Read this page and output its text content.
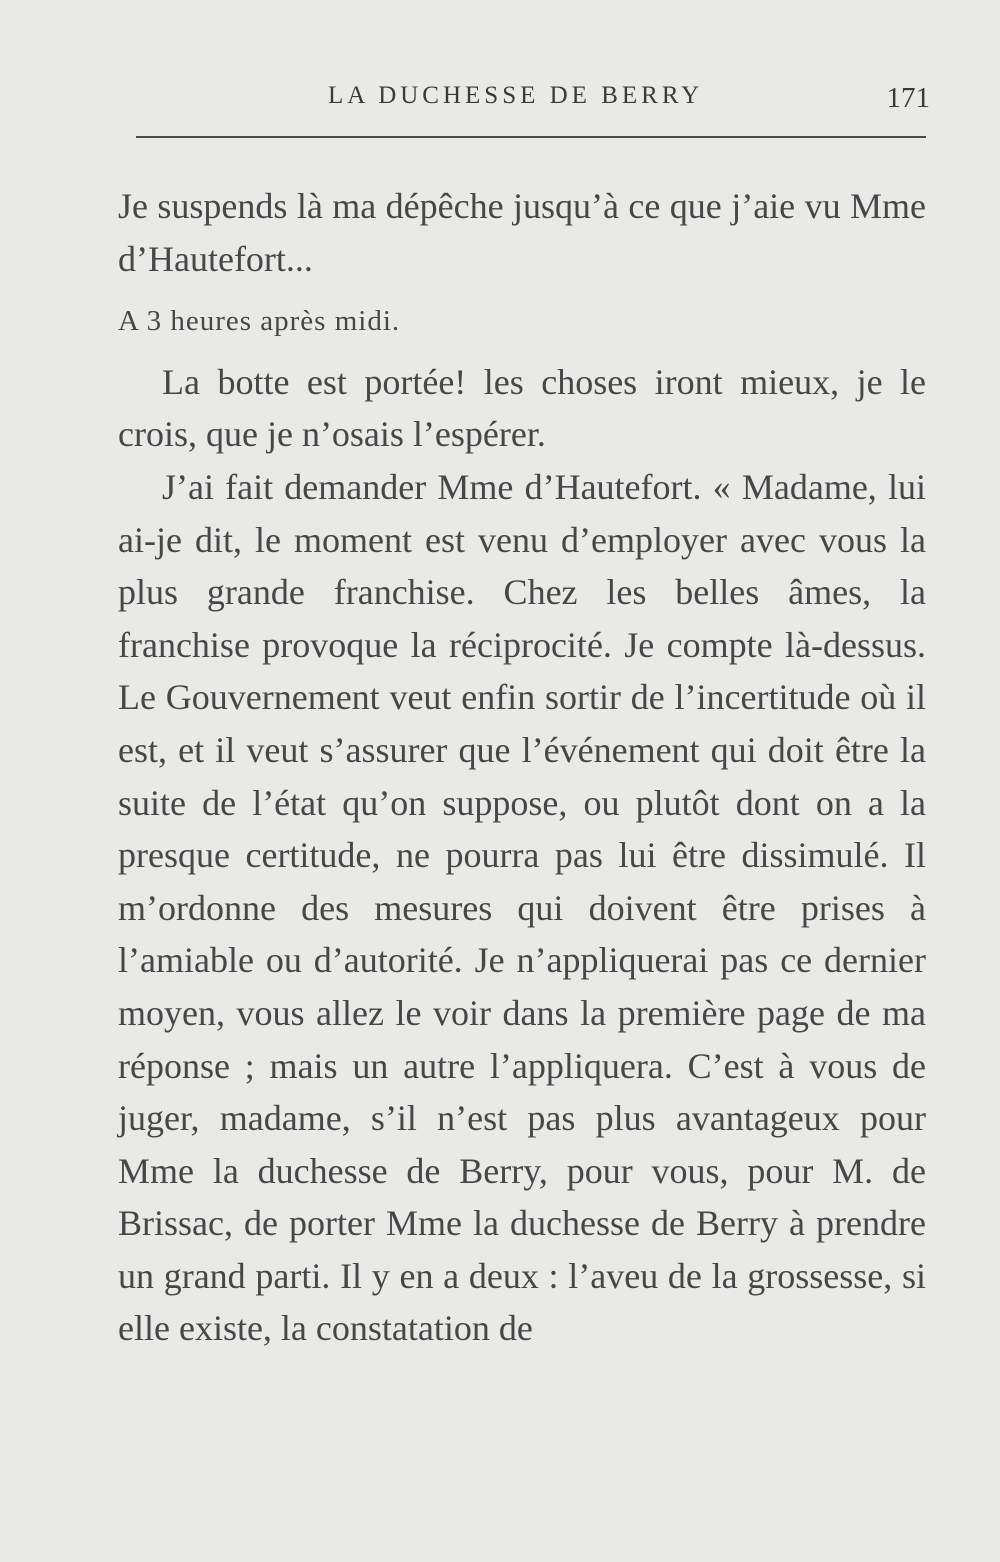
LA DUCHESSE DE BERRY	171

Je suspends là ma dépêche jusqu’à ce que j’aie vu Mme d’Hautefort...

A 3 heures après midi.

La botte est portée! les choses iront mieux, je le crois, que je n’osais l’espérer.

J’ai fait demander Mme d’Hautefort. « Madame, lui ai-je dit, le moment est venu d’employer avec vous la plus grande franchise. Chez les belles âmes, la franchise provoque la réciprocité. Je compte là-dessus. Le Gouvernement veut enfin sortir de l’incertitude où il est, et il veut s’assurer que l’événement qui doit être la suite de l’état qu’on suppose, ou plutôt dont on a la presque certitude, ne pourra pas lui être dissimulé. Il m’ordonne des mesures qui doivent être prises à l’amiable ou d’autorité. Je n’appliquerai pas ce dernier moyen, vous allez le voir dans la première page de ma réponse ; mais un autre l’appliquera. C’est à vous de juger, madame, s’il n’est pas plus avantageux pour Mme la duchesse de Berry, pour vous, pour M. de Brissac, de porter Mme la duchesse de Berry à prendre un grand parti. Il y en a deux : l’aveu de la grossesse, si elle existe, la constatation de
